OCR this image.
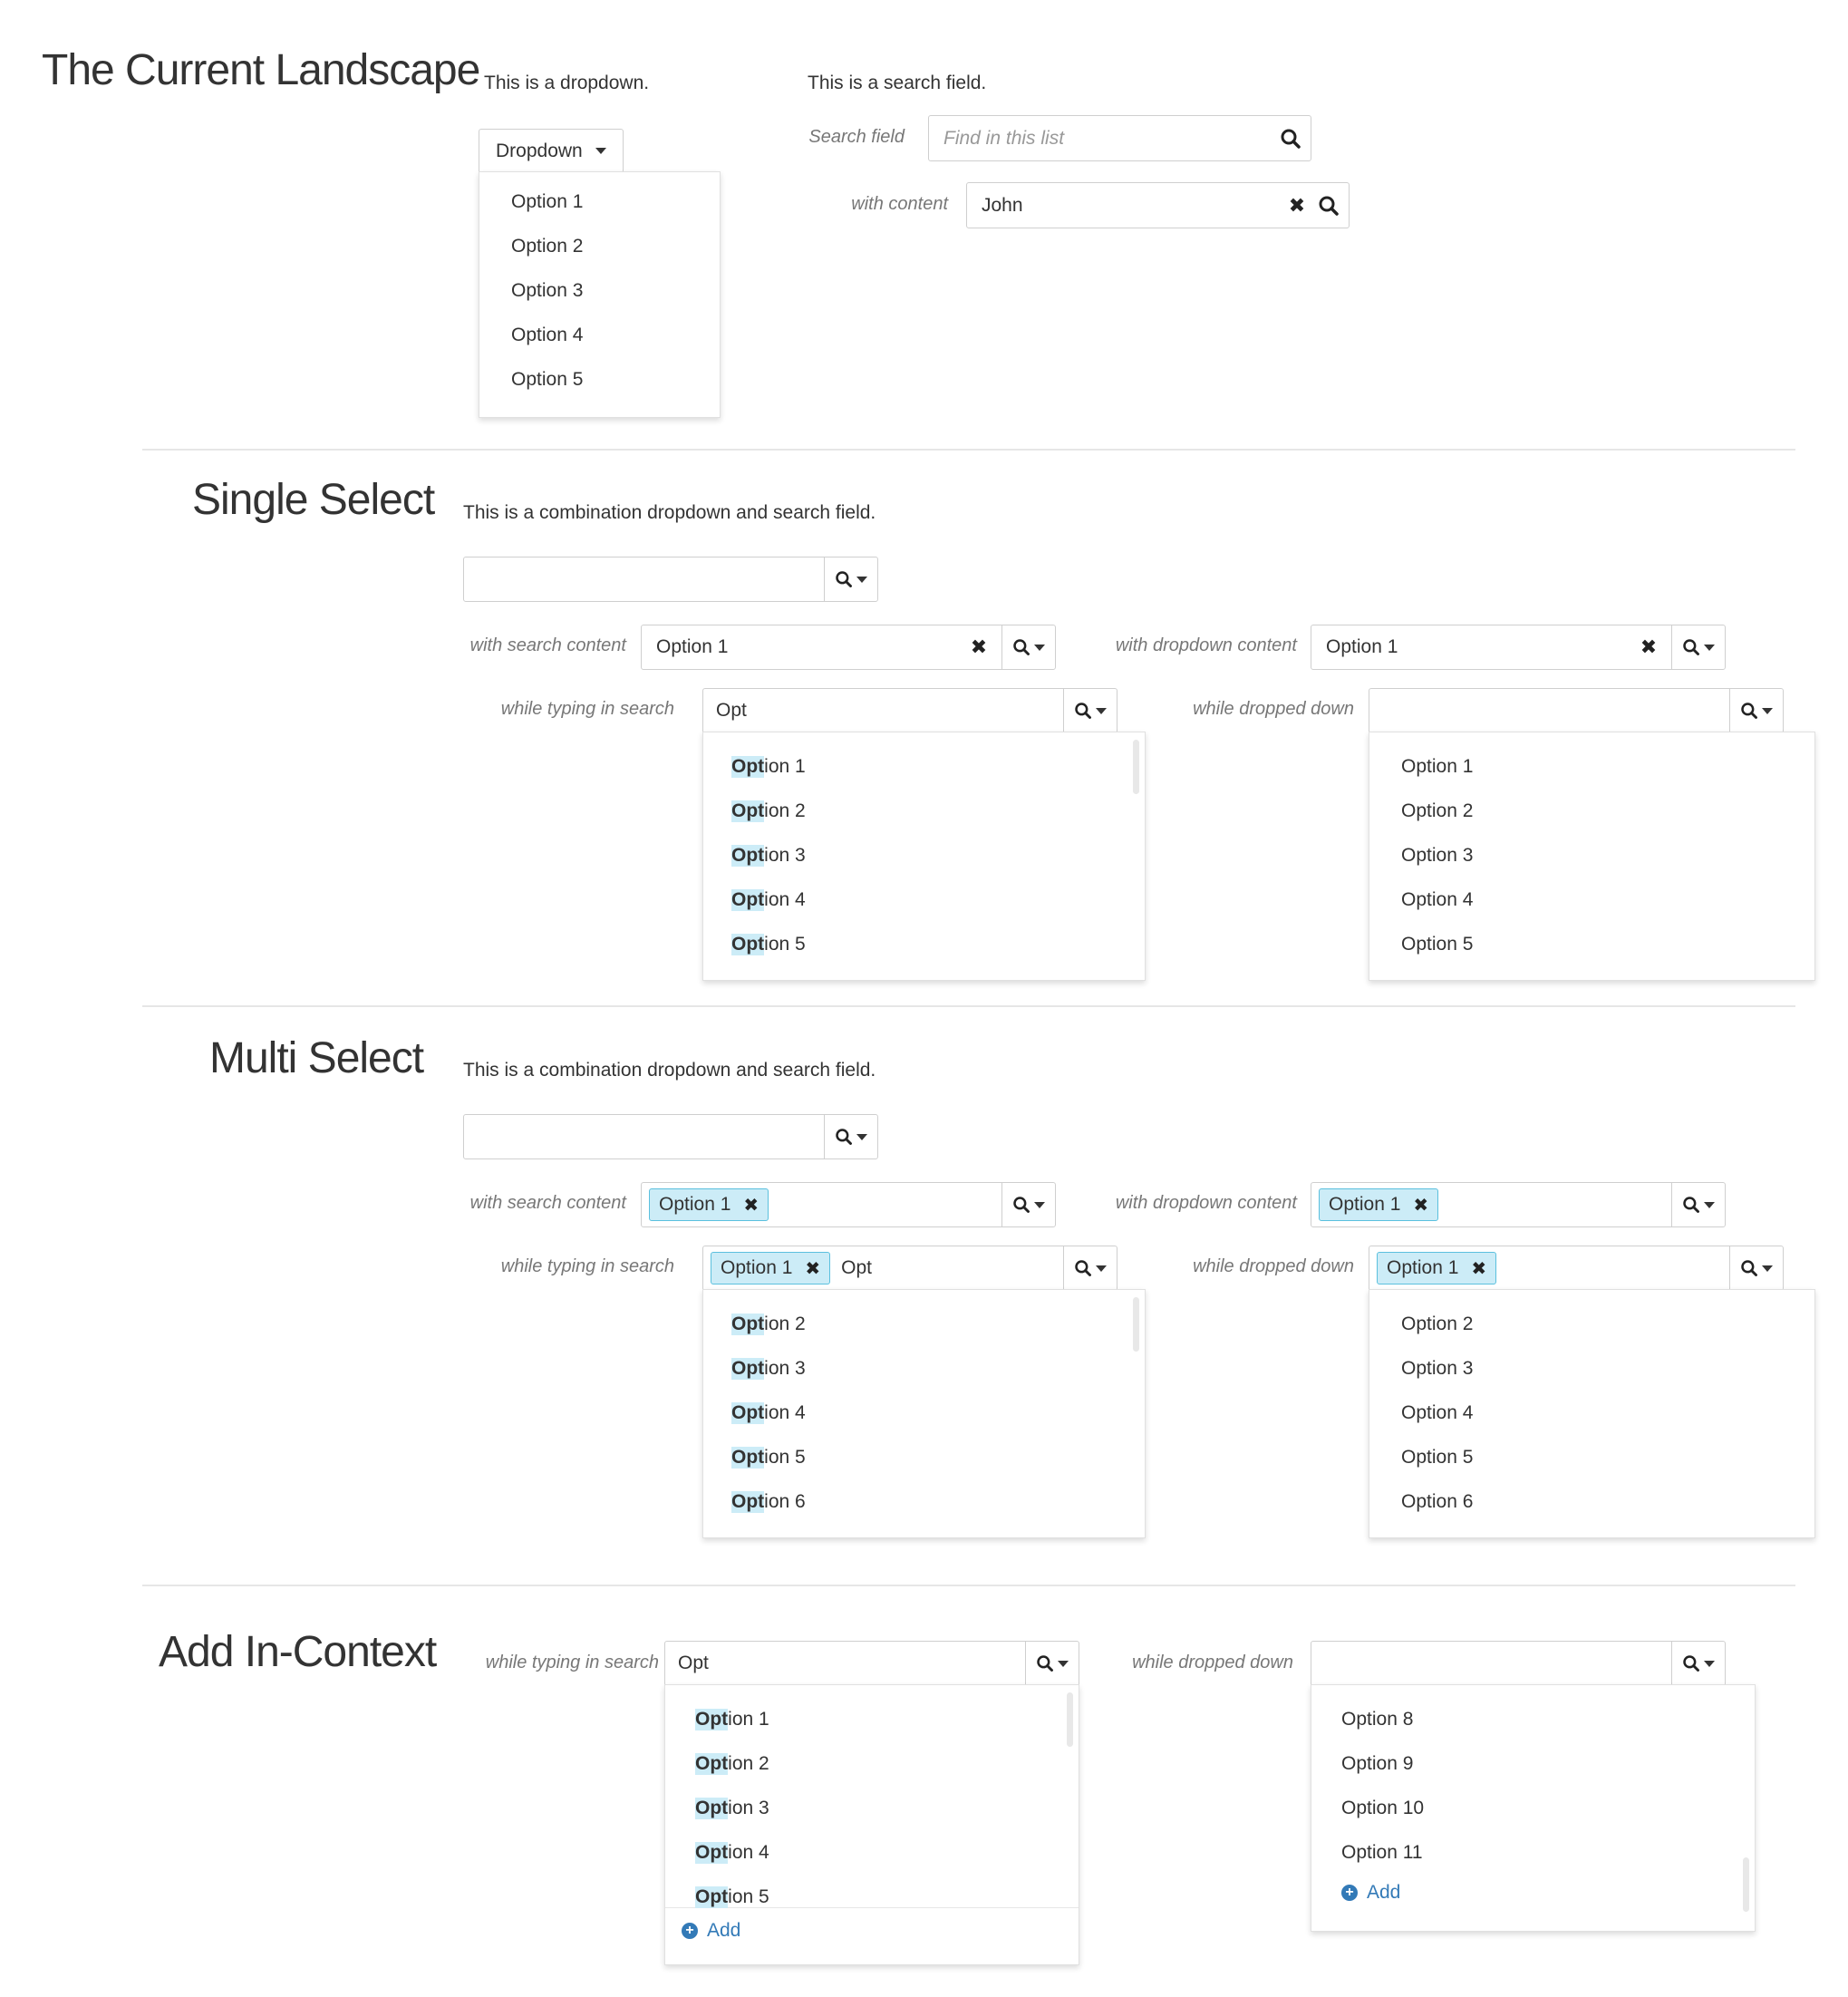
The Current Landscape This is a dropdown.	This is a search field.
Dropdown
Option 1
Option 2
Option 3
Option 4
Option 5
Search field Find in this list
with content John	✖
Single Select This is a combination dropdown and search field.
with search content Option 1	✖	with dropdown content Option 1	✖
while typing in search Opt
Opt ion 1
Opt ion 2
Opt ion 3
Opt ion 4
Opt ion 5
while dropped down
Option 1
Option 2
Option 3
Option 4
Option 5
Multi Select This is a combination dropdown and search field.
with search content Option 1 ✖	with dropdown content Option 1 ✖
while typing in search Option 1 ✖ Opt
Opt ion 2
Opt ion 3
Opt ion 4
Opt ion 5
Opt ion 6
while dropped down Option 1 ✖
Option 2
Option 3
Option 4
Option 5
Option 6
Add In-Context	while typing in search Opt
Opt ion 1
Opt ion 2
Opt ion 3
Opt ion 4
Opt ion 5
+ Add
while dropped down
Option 8
Option 9
Option 10
Option 11
+ Add
